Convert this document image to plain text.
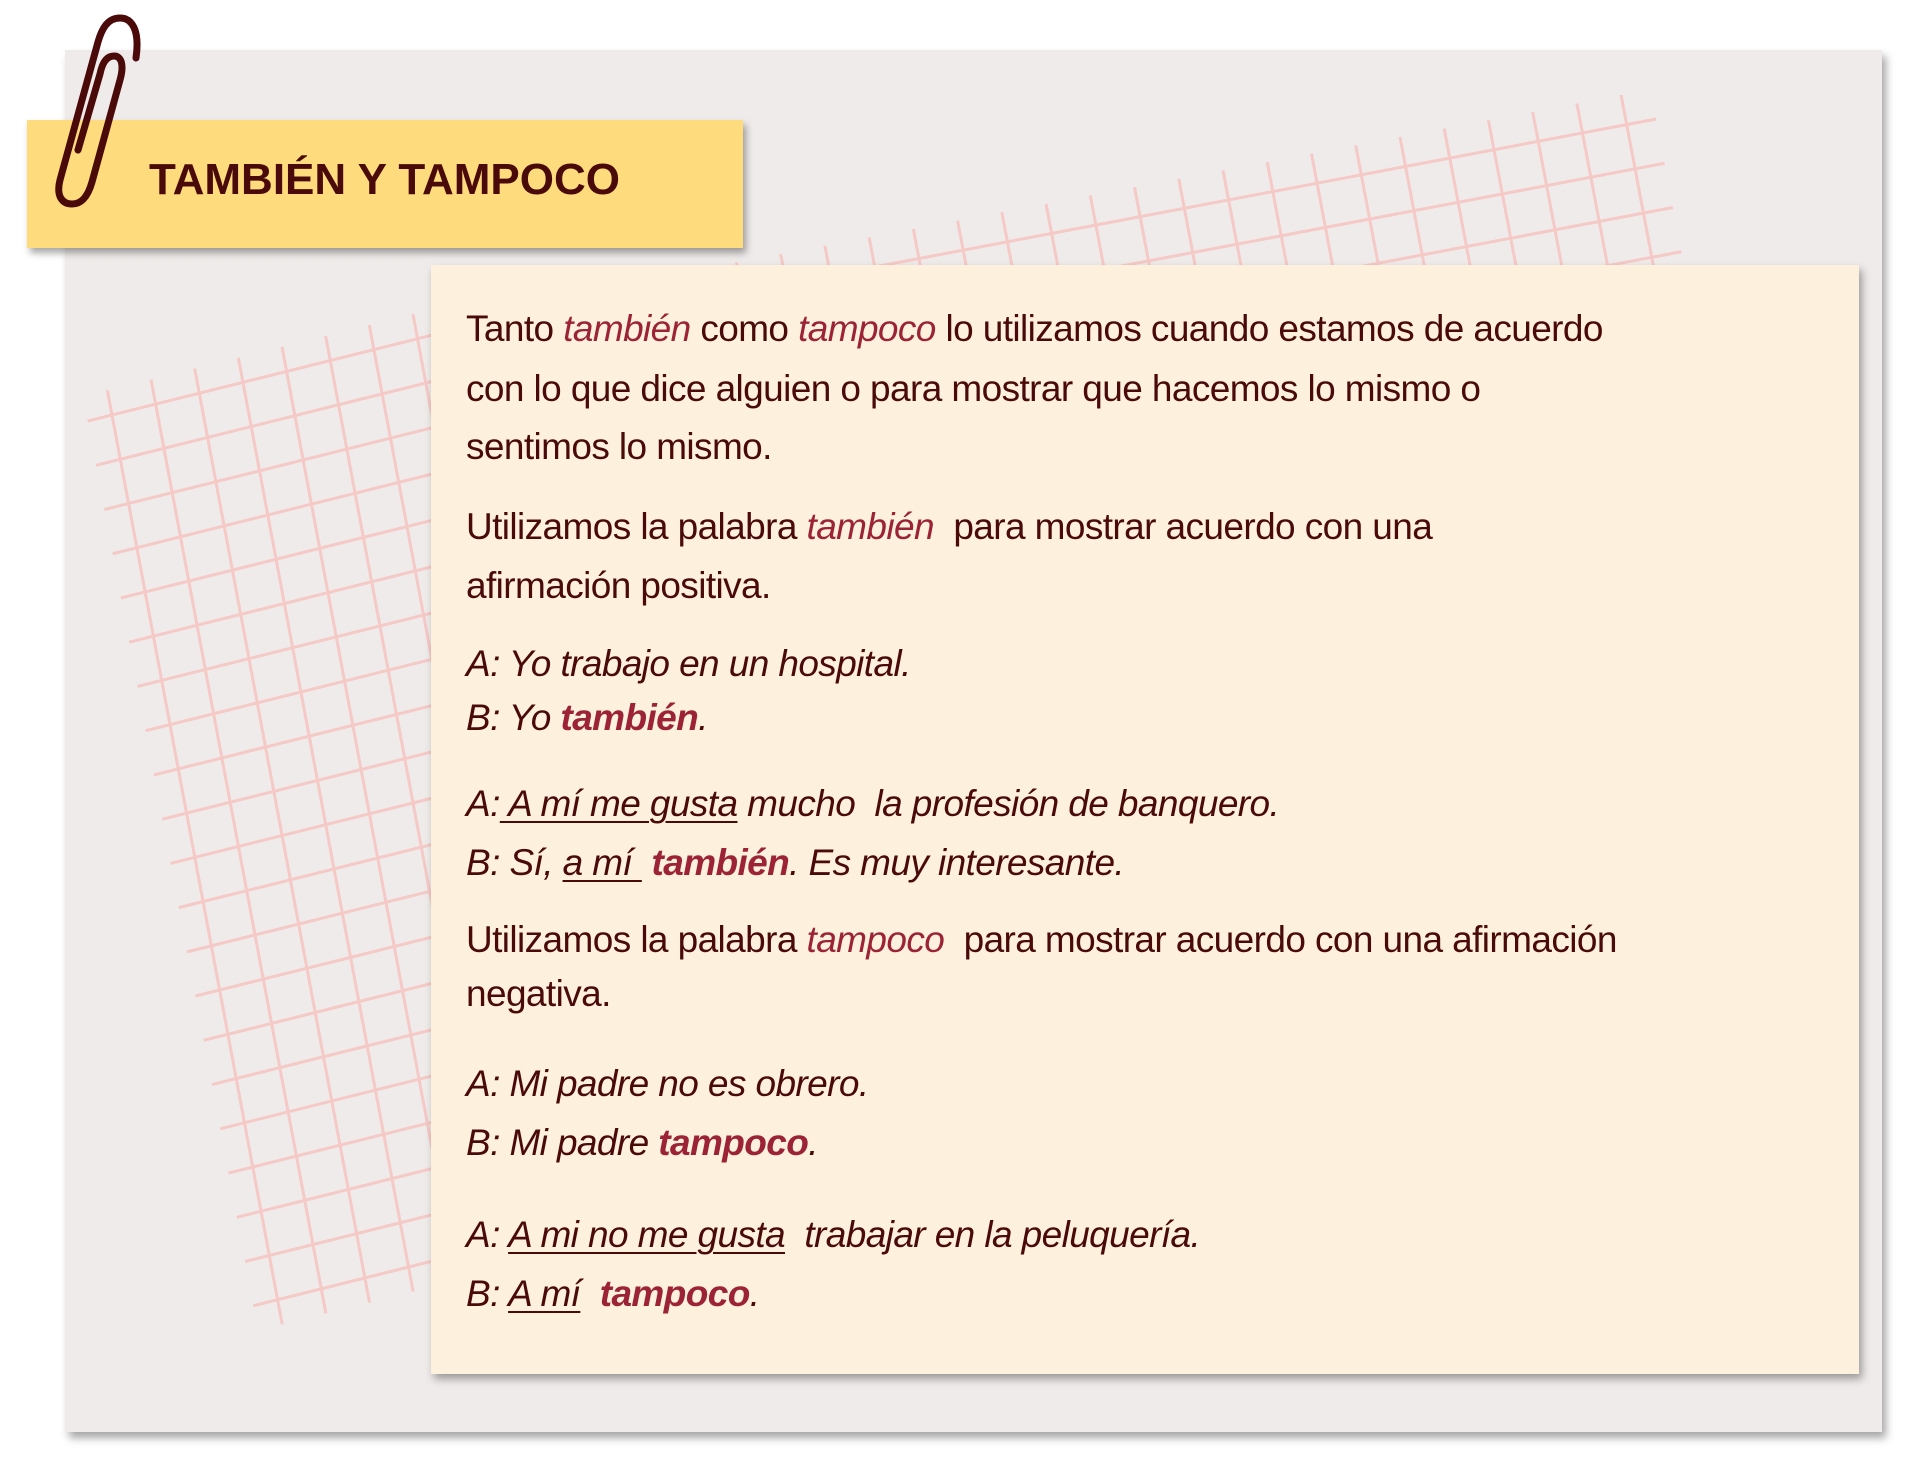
TAMBIÉN Y TAMPOCO
Tanto también como tampoco lo utilizamos cuando estamos de acuerdo
con lo que dice alguien o para mostrar que hacemos lo mismo o
sentimos lo mismo.
Utilizamos la palabra también  para mostrar acuerdo con una
afirmación positiva.
A: Yo trabajo en un hospital.
B: Yo también.
A: A mí me gusta mucho  la profesión de banquero.
B: Sí, a mí  también. Es muy interesante.
Utilizamos la palabra tampoco  para mostrar acuerdo con una afirmación
negativa.
A: Mi padre no es obrero.
B: Mi padre tampoco.
A: A mi no me gusta  trabajar en la peluquería.
B: A mí  tampoco.
